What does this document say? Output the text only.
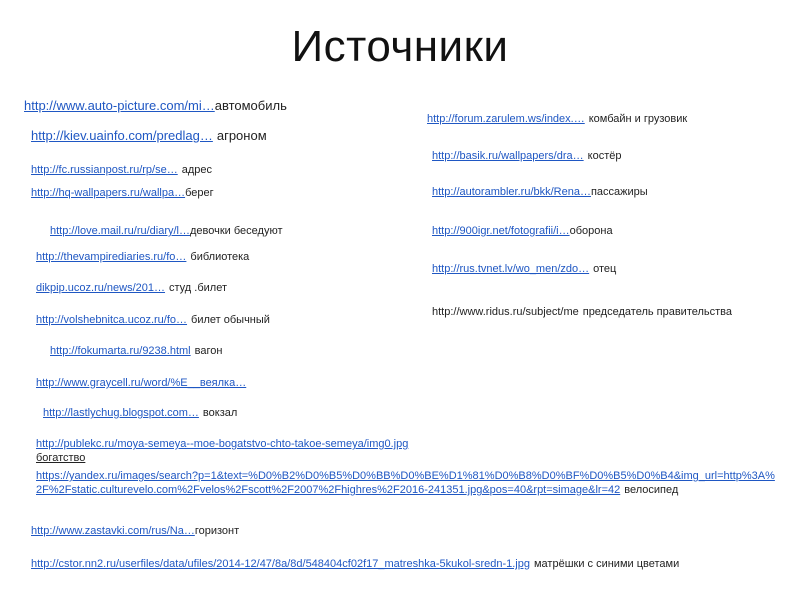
Источники
http://www.auto-picture.com/mi…автомобиль
http://kiev.uainfo.com/predlag… агроном
http://fc.russianpost.ru/rp/se… адрес
http://hq-wallpapers.ru/wallpa…берег
http://love.mail.ru/ru/diary/l…девочки беседуют
http://thevampirediaries.ru/fo… библиотека
dikpip.ucoz.ru/news/201… студ .билет
http://volshebnitca.ucoz.ru/fo… билет обычный
http://fokumarta.ru/9238.html вагон
http://www.graycell.ru/word/%E__веялка…
http://lastlychug.blogspot.com… вокзал
http://publekc.ru/moya-semeya--moe-bogatstvo-chto-takoe-semeya/img0.jpg
богатство
https://yandex.ru/images/search?p=1&text=%D0%B2%D0%B5%D0%BB%D0%BE%D1%81%D0%B8%D0%BF%D0%B5%D0%B4&img_url=http%3A%2F%2Fstatic.culturevelo.com%2Fvelos%2Fscott%2F2007%2Fhighres%2F2016-241351.jpg&pos=40&rpt=simage&lr=42 велосипед
http://www.zastavki.com/rus/Na…горизонт
http://cstor.nn2.ru/userfiles/data/ufiles/2014-12/47/8a/8d/548404cf02f17_matreshka-5kukol-sredn-1.jpg матрёшки с синими цветами
http://forum.zarulem.ws/index.… комбайн и грузовик
http://basik.ru/wallpapers/dra… костёр
http://autorambler.ru/bkk/Rena…пассажиры
http://900igr.net/fotografii/i…оборона
http://rus.tvnet.lv/wo_men/zdo… отец
http://www.ridus.ru/subject/me председатель правительства
